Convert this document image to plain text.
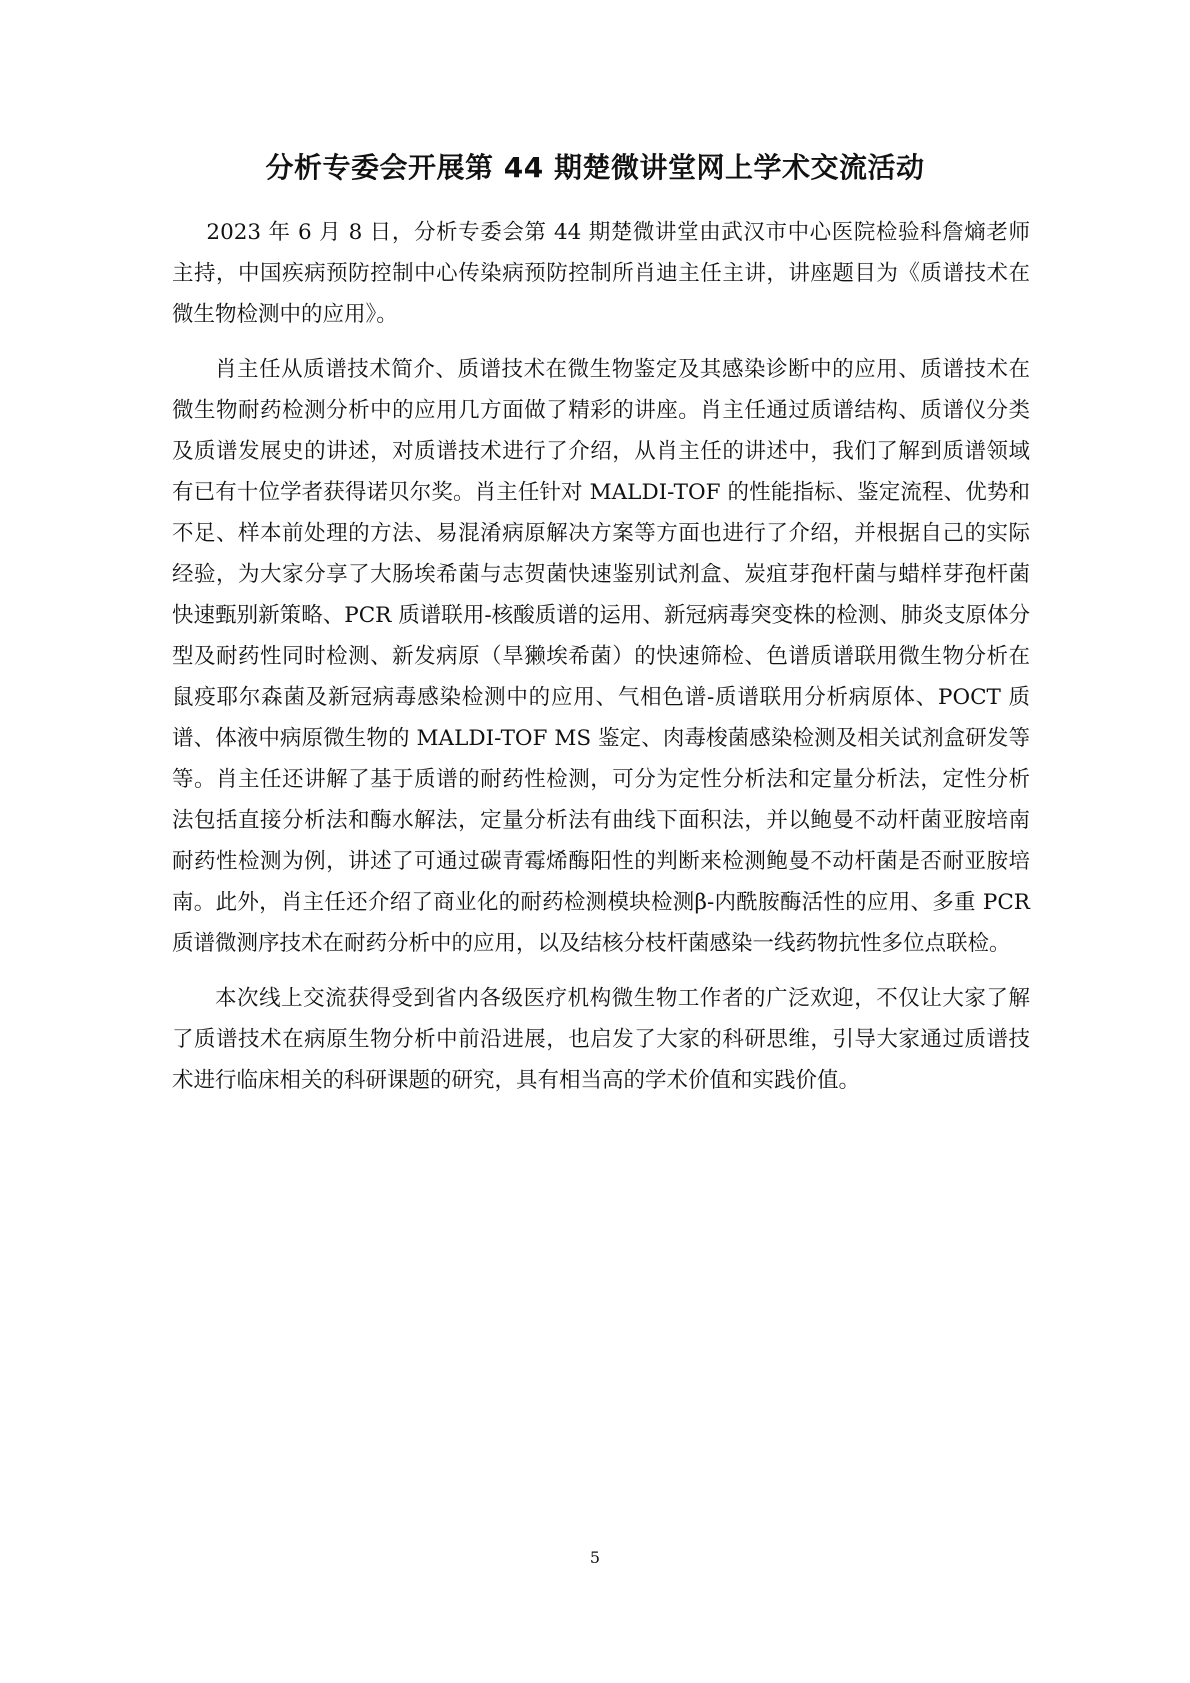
分析专委会开展第 44 期楚微讲堂网上学术交流活动

2023 年 6 月 8 日，分析专委会第 44 期楚微讲堂由武汉市中心医院检验科詹熵老师主持，中国疾病预防控制中心传染病预防控制所肖迪主任主讲，讲座题目为《质谱技术在微生物检测中的应用》。

肖主任从质谱技术简介、质谱技术在微生物鉴定及其感染诊断中的应用、质谱技术在微生物耐药检测分析中的应用几方面做了精彩的讲座。肖主任通过质谱结构、质谱仪分类及质谱发展史的讲述，对质谱技术进行了介绍，从肖主任的讲述中，我们了解到质谱领域有已有十位学者获得诺贝尔奖。肖主任针对 MALDI-TOF 的性能指标、鉴定流程、优势和不足、样本前处理的方法、易混淆病原解决方案等方面也进行了介绍，并根据自己的实际经验，为大家分享了大肠埃希菌与志贺菌快速鉴别试剂盒、炭疽芽孢杆菌与蜡样芽孢杆菌快速甄别新策略、PCR 质谱联用-核酸质谱的运用、新冠病毒突变株的检测、肺炎支原体分型及耐药性同时检测、新发病原（旱獭埃希菌）的快速筛检、色谱质谱联用微生物分析在鼠疫耶尔森菌及新冠病毒感染检测中的应用、气相色谱-质谱联用分析病原体、POCT 质谱、体液中病原微生物的 MALDI-TOF MS 鉴定、肉毒梭菌感染检测及相关试剂盒研发等等。肖主任还讲解了基于质谱的耐药性检测，可分为定性分析法和定量分析法，定性分析法包括直接分析法和酶水解法，定量分析法有曲线下面积法，并以鲍曼不动杆菌亚胺培南耐药性检测为例，讲述了可通过碳青霉烯酶阳性的判断来检测鲍曼不动杆菌是否耐亚胺培南。此外，肖主任还介绍了商业化的耐药检测模块检测β-内酰胺酶活性的应用、多重 PCR 质谱微测序技术在耐药分析中的应用，以及结核分枝杆菌感染一线药物抗性多位点联检。

本次线上交流获得受到省内各级医疗机构微生物工作者的广泛欢迎，不仅让大家了解了质谱技术在病原生物分析中前沿进展，也启发了大家的科研思维，引导大家通过质谱技术进行临床相关的科研课题的研究，具有相当高的学术价值和实践价值。

5
